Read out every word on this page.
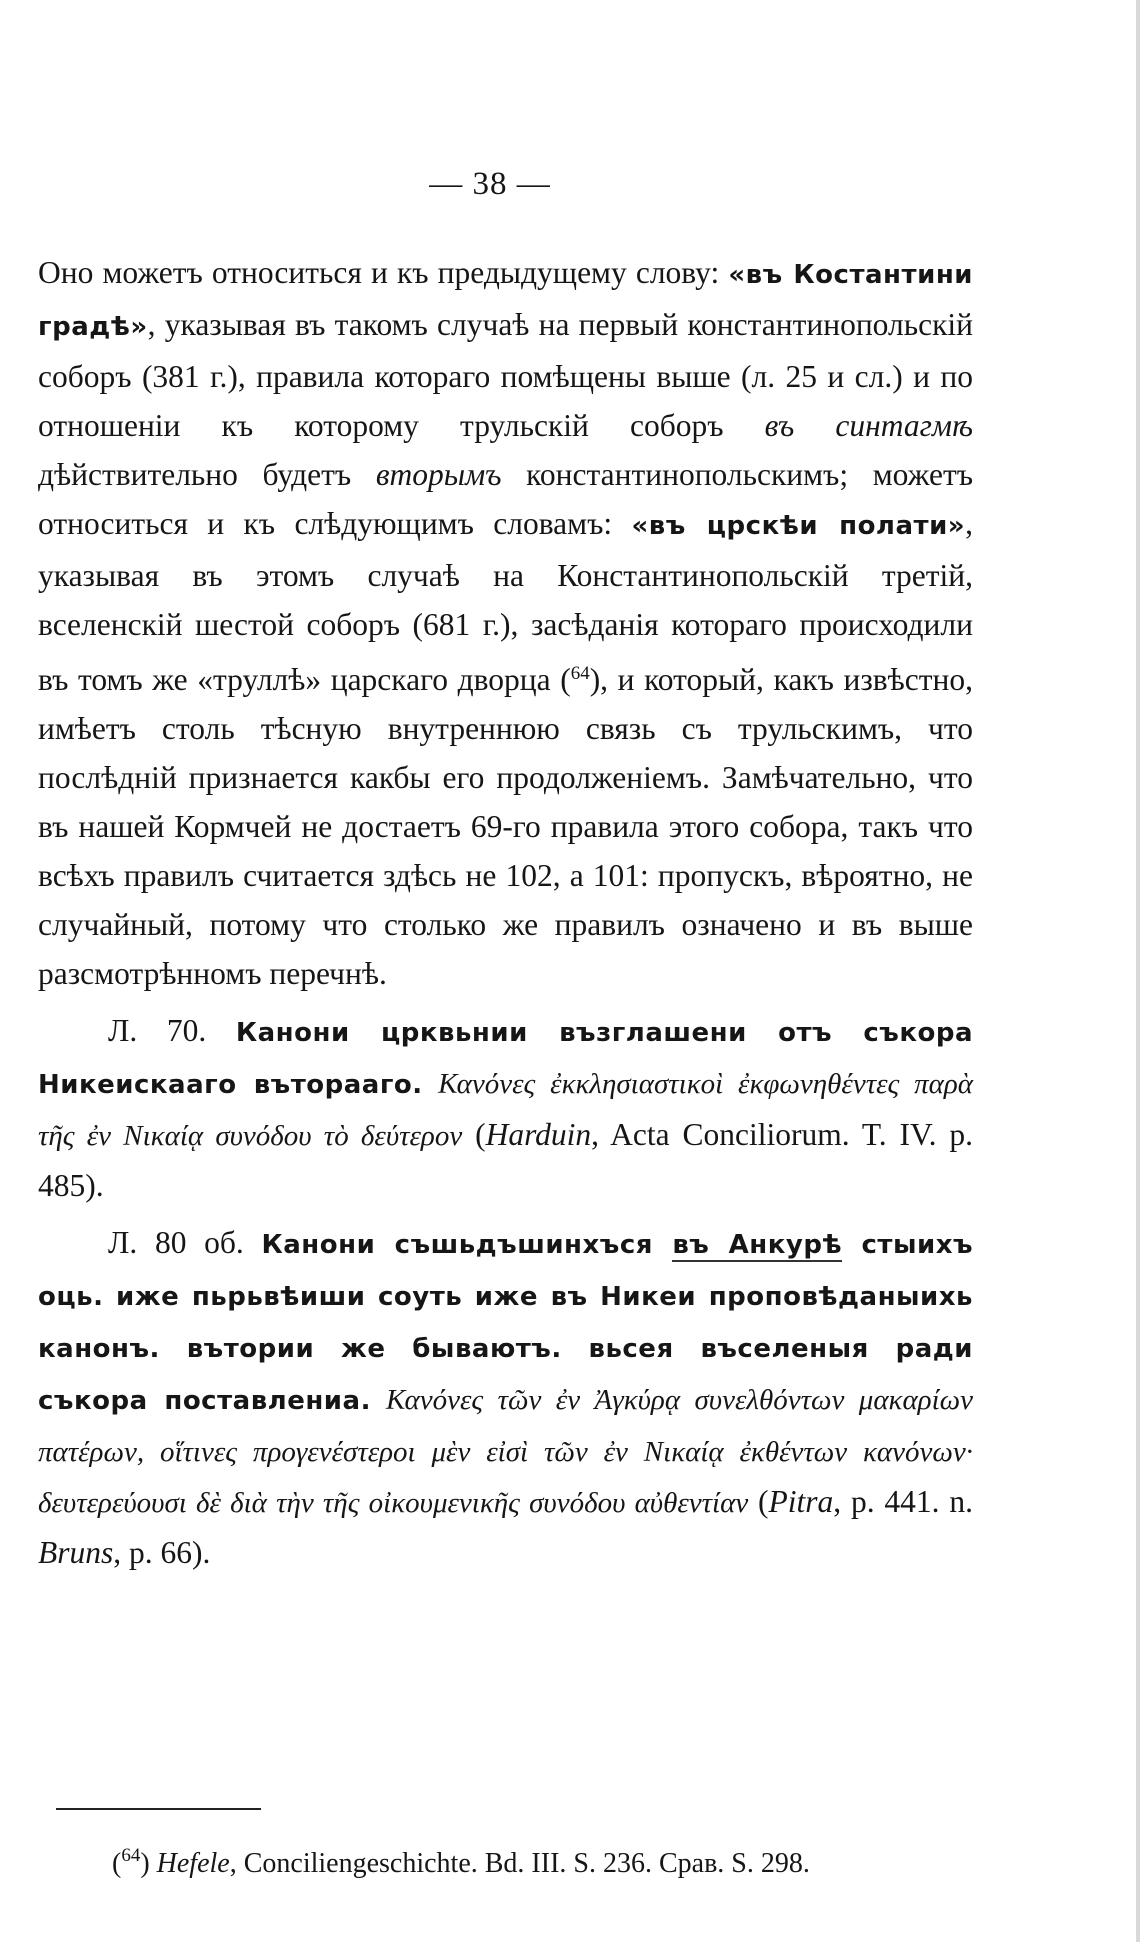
— 38 —

Оно можетъ относиться и къ предыдущему слову: «въ Костантини градѣ», указывая въ такомъ случаѣ на первый константинопольскій соборъ (381 г.), правила котораго помѣщены выше (л. 25 и сл.) и по отношеніи къ которому трульскій соборъ въ синтагмѣ дѣйствительно будетъ вторымъ константинопольскимъ; можетъ относиться и къ слѣдующимъ словамъ: «въ црскѣи полати», указывая въ этомъ случаѣ на Константинопольскій третій, вселенскій шестой соборъ (681 г.), засѣданія котораго происходили въ томъ же «труллѣ» царскаго дворца ($^{64}$), и который, какъ извѣстно, имѣетъ столь тѣсную внутреннюю связь съ трульскимъ, что послѣдній признается какбы его продолженіемъ. Замѣчательно, что въ нашей Кормчей не достаетъ 69-го правила этого собора, такъ что всѣхъ правилъ считается здѣсь не 102, а 101: пропускъ, вѣроятно, не случайный, потому что столько же правилъ означено и въ выше разсмотрѣнномъ перечнѣ.

Л. 70. Канони црквьнии възглашени отъ съкора Никеискааго вътораагo. Κανόνες ἐκκλησιαστικοὶ ἐκφωνηθέντες παρὰ τῆς ἐν Νικαίᾳ συνόδου τὸ δεύτερον (Harduin, Acta Conciliorum. T. IV. p. 485).

Л. 80 об. Канони съшьдъшинхъся въ Анкурѣ стыихъ оць. иже пьрьвѣиши соуть иже въ Никеи проповѣданыихь канонъ. вътории же бываютъ. вьсея въселеныя ради съкора поставлениa. Κανόνες τῶν ἐν Ἀγκύρᾳ συνελθόντων μακαρίων πατέρων, οἵτινες προγενέστεροι μὲν εἰσὶ τῶν ἐν Νικαίᾳ ἐκθέντων κανόνων· δευτερεύουσι δὲ διὰ τὴν τῆς οἰκουμενικῆς συνόδου αὐθεντίαν (Pitra, p. 441. n. Bruns, p. 66).

($^{64}$) Hefele, Conciliengeschichte. Bd. III. S. 236. Срав. S. 298.
